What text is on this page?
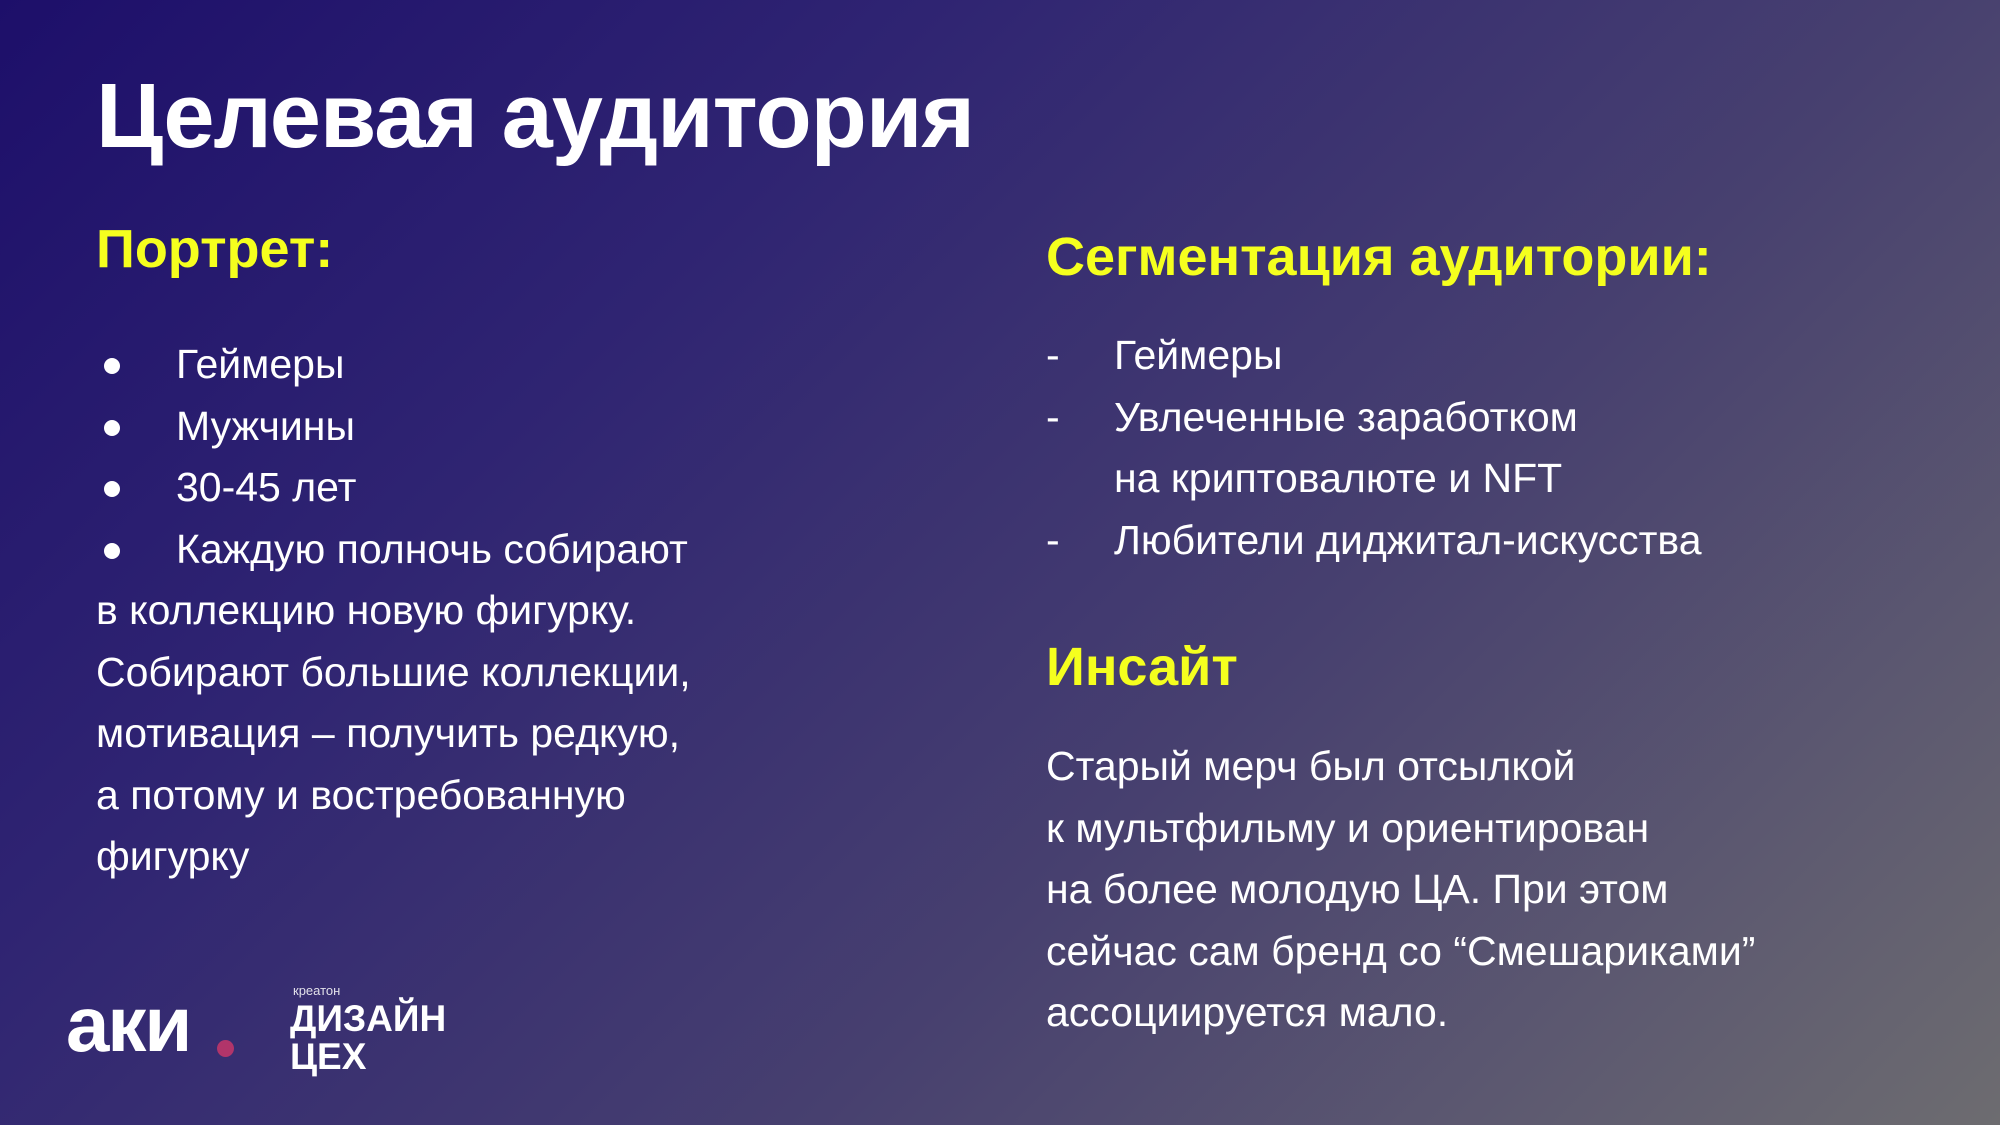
Целевая аудитория
Портрет:
Геймеры
Мужчины
30-45 лет
Каждую полночь собирают
в коллекцию новую фигурку.
Собирают большие коллекции,
мотивация – получить редкую,
а потому и востребованную
фигурку
Сегментация аудитории:
-	Геймеры
-	Увлеченные заработком
на криптовалюте и NFT
-	Любители диджитал-искусства
Инсайт
Старый мерч был отсылкой
к мультфильму и ориентирован
на более молодую ЦА. При этом
сейчас сам бренд со “Смешариками”
ассоциируется мало.
аки	креатон
ДИЗАЙН
ЦЕХ
